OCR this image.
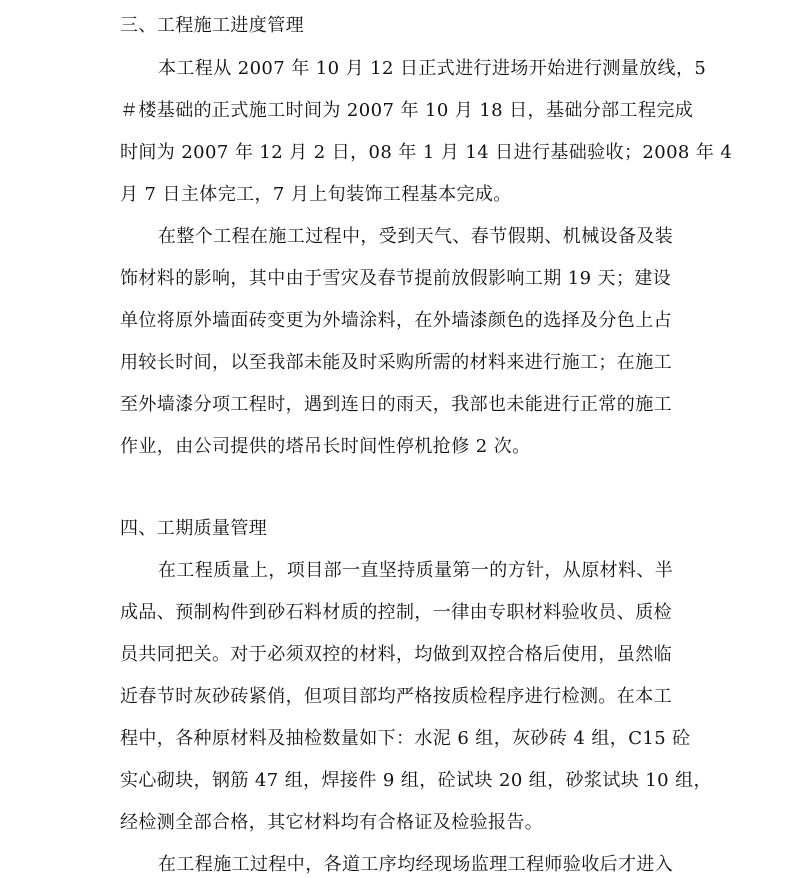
三、工程施工进度管理
本工程从 2007 年 10 月 12 日正式进行进场开始进行测量放线，5
＃楼基础的正式施工时间为 2007 年 10 月 18 日，基础分部工程完成
时间为 2007 年 12 月 2 日，08 年 1 月 14 日进行基础验收；2008 年 4
月 7 日主体完工，7 月上旬装饰工程基本完成。
在整个工程在施工过程中，受到天气、春节假期、机械设备及装
饰材料的影响，其中由于雪灾及春节提前放假影响工期 19 天；建设
单位将原外墙面砖变更为外墙涂料，在外墙漆颜色的选择及分色上占
用较长时间，以至我部未能及时采购所需的材料来进行施工；在施工
至外墙漆分项工程时，遇到连日的雨天，我部也未能进行正常的施工
作业，由公司提供的塔吊长时间性停机抢修 2 次。
四、工期质量管理
在工程质量上，项目部一直坚持质量第一的方针，从原材料、半
成品、预制构件到砂石料材质的控制，一律由专职材料验收员、质检
员共同把关。对于必须双控的材料，均做到双控合格后使用，虽然临
近春节时灰砂砖紧俏，但项目部均严格按质检程序进行检测。在本工
程中，各种原材料及抽检数量如下：水泥 6 组，灰砂砖 4 组，C15 砼
实心砌块，钢筋 47 组，焊接件 9 组，砼试块 20 组，砂浆试块 10 组，
经检测全部合格，其它材料均有合格证及检验报告。
在工程施工过程中，各道工序均经现场监理工程师验收后才进入
